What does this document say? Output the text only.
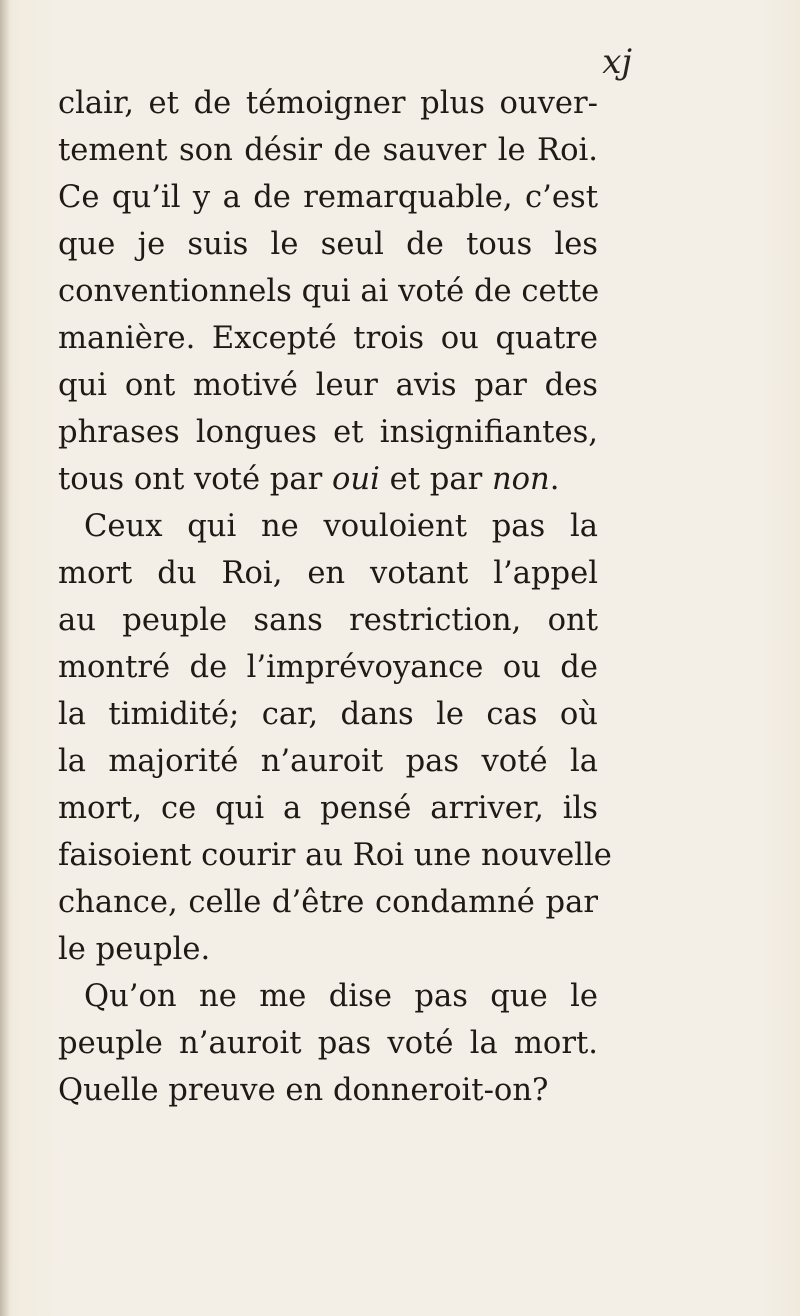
xj
clair, et de témoigner plus ouver-
tement son désir de sauver le Roi.
Ce qu’il y a de remarquable, c’est
que je suis le seul de tous les
conventionnels qui ai voté de cette
manière. Excepté trois ou quatre
qui ont motivé leur avis par des
phrases longues et insignifiantes,
tous ont voté par oui et par non.
Ceux qui ne vouloient pas la
mort du Roi, en votant l’appel
au peuple sans restriction, ont
montré de l’imprévoyance ou de
la timidité; car, dans le cas où
la majorité n’auroit pas voté la
mort, ce qui a pensé arriver, ils
faisoient courir au Roi une nouvelle
chance, celle d’être condamné par
le peuple.
Qu’on ne me dise pas que le
peuple n’auroit pas voté la mort.
Quelle preuve en donneroit-on?
